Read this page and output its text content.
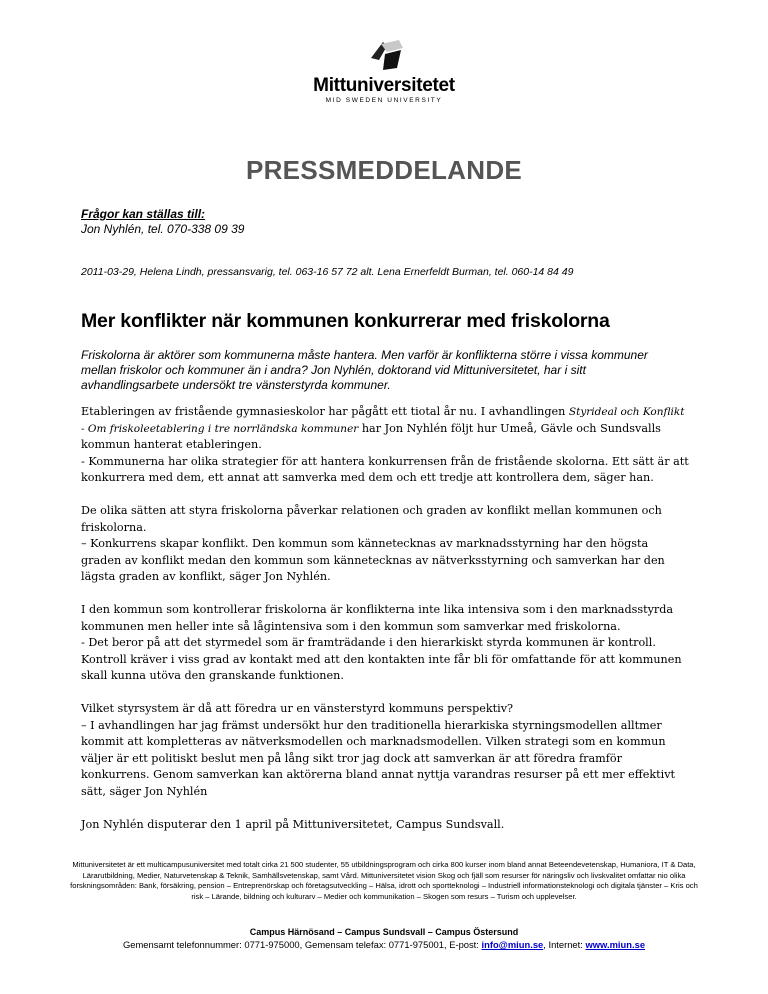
Mittuniversitetet
MID SWEDEN UNIVERSITY
PRESSMEDDELANDE
Frågor kan ställas till:
Jon Nyhlén, tel. 070-338 09 39
2011-03-29, Helena Lindh, pressansvarig, tel. 063-16 57 72 alt. Lena Ernerfeldt Burman, tel. 060-14 84 49
Mer konflikter när kommunen konkurrerar med friskolorna
Friskolorna är aktörer som kommunerna måste hantera. Men varför är konflikterna större i vissa kommuner mellan friskolor och kommuner än i andra? Jon Nyhlén, doktorand vid Mittuniversitetet, har i sitt avhandlingsarbete undersökt tre vänsterstyrda kommuner.

Etableringen av fristående gymnasieskolor har pågått ett tiotal år nu. I avhandlingen Styrideal och Konflikt - Om friskoleetablering i tre norrländska kommuner har Jon Nyhlén följt hur Umeå, Gävle och Sundsvalls kommun hanterat etableringen.
- Kommunerna har olika strategier för att hantera konkurrensen från de fristående skolorna. Ett sätt är att konkurrera med dem, ett annat att samverka med dem och ett tredje att kontrollera dem, säger han.

De olika sätten att styra friskolorna påverkar relationen och graden av konflikt mellan kommunen och friskolorna.
– Konkurrens skapar konflikt. Den kommun som kännetecknas av marknadsstyrning har den högsta graden av konflikt medan den kommun som kännetecknas av nätverksstyrning och samverkan har den lägsta graden av konflikt, säger Jon Nyhlén.

I den kommun som kontrollerar friskolorna är konflikterna inte lika intensiva som i den marknadsstyrda kommunen men heller inte så lågintensiva som i den kommun som samverkar med friskolorna.
- Det beror på att det styrmedel som är framträdande i den hierarkiskt styrda kommunen är kontroll. Kontroll kräver i viss grad av kontakt med att den kontakten inte får bli för omfattande för att kommunen skall kunna utöva den granskande funktionen.

Vilket styrsystem är då att föredra ur en vänsterstyrd kommuns perspektiv?
– I avhandlingen har jag främst undersökt hur den traditionella hierarkiska styrningsmodellen alltmer kommit att kompletteras av nätverksmodellen och marknadsmodellen. Vilken strategi som en kommun väljer är ett politiskt beslut men på lång sikt tror jag dock att samverkan är att föredra framför konkurrens. Genom samverkan kan aktörerna bland annat nyttja varandras resurser på ett mer effektivt sätt, säger Jon Nyhlén

Jon Nyhlén disputerar den 1 april på Mittuniversitetet, Campus Sundsvall.

Mittuniversitetet är ett multicampusuniversitet med totalt cirka 21 500 studenter, 55 utbildningsprogram och cirka 800 kurser inom bland annat Beteendevetenskap, Humaniora, IT & Data, Lärarutbildning, Medier, Naturvetenskap & Teknik, Samhällsvetenskap, samt Vård. Mittuniversitetet vision Skog och fjäll som resurser för näringsliv och livskvalitet omfattar nio olika forskningsområden: Bank, försäkring, pension – Entreprenörskap och företagsutveckling – Hälsa, idrott och sportteknologi – Industriell informationsteknologi och digitala tjänster – Kris och risk – Lärande, bildning och kulturarv – Medier och kommunikation – Skogen som resurs – Turism och upplevelser.
Campus Härnösand – Campus Sundsvall – Campus Östersund
Gemensamt telefonnummer: 0771-975000, Gemensam telefax: 0771-975001, E-post: info@miun.se, Internet: www.miun.se
